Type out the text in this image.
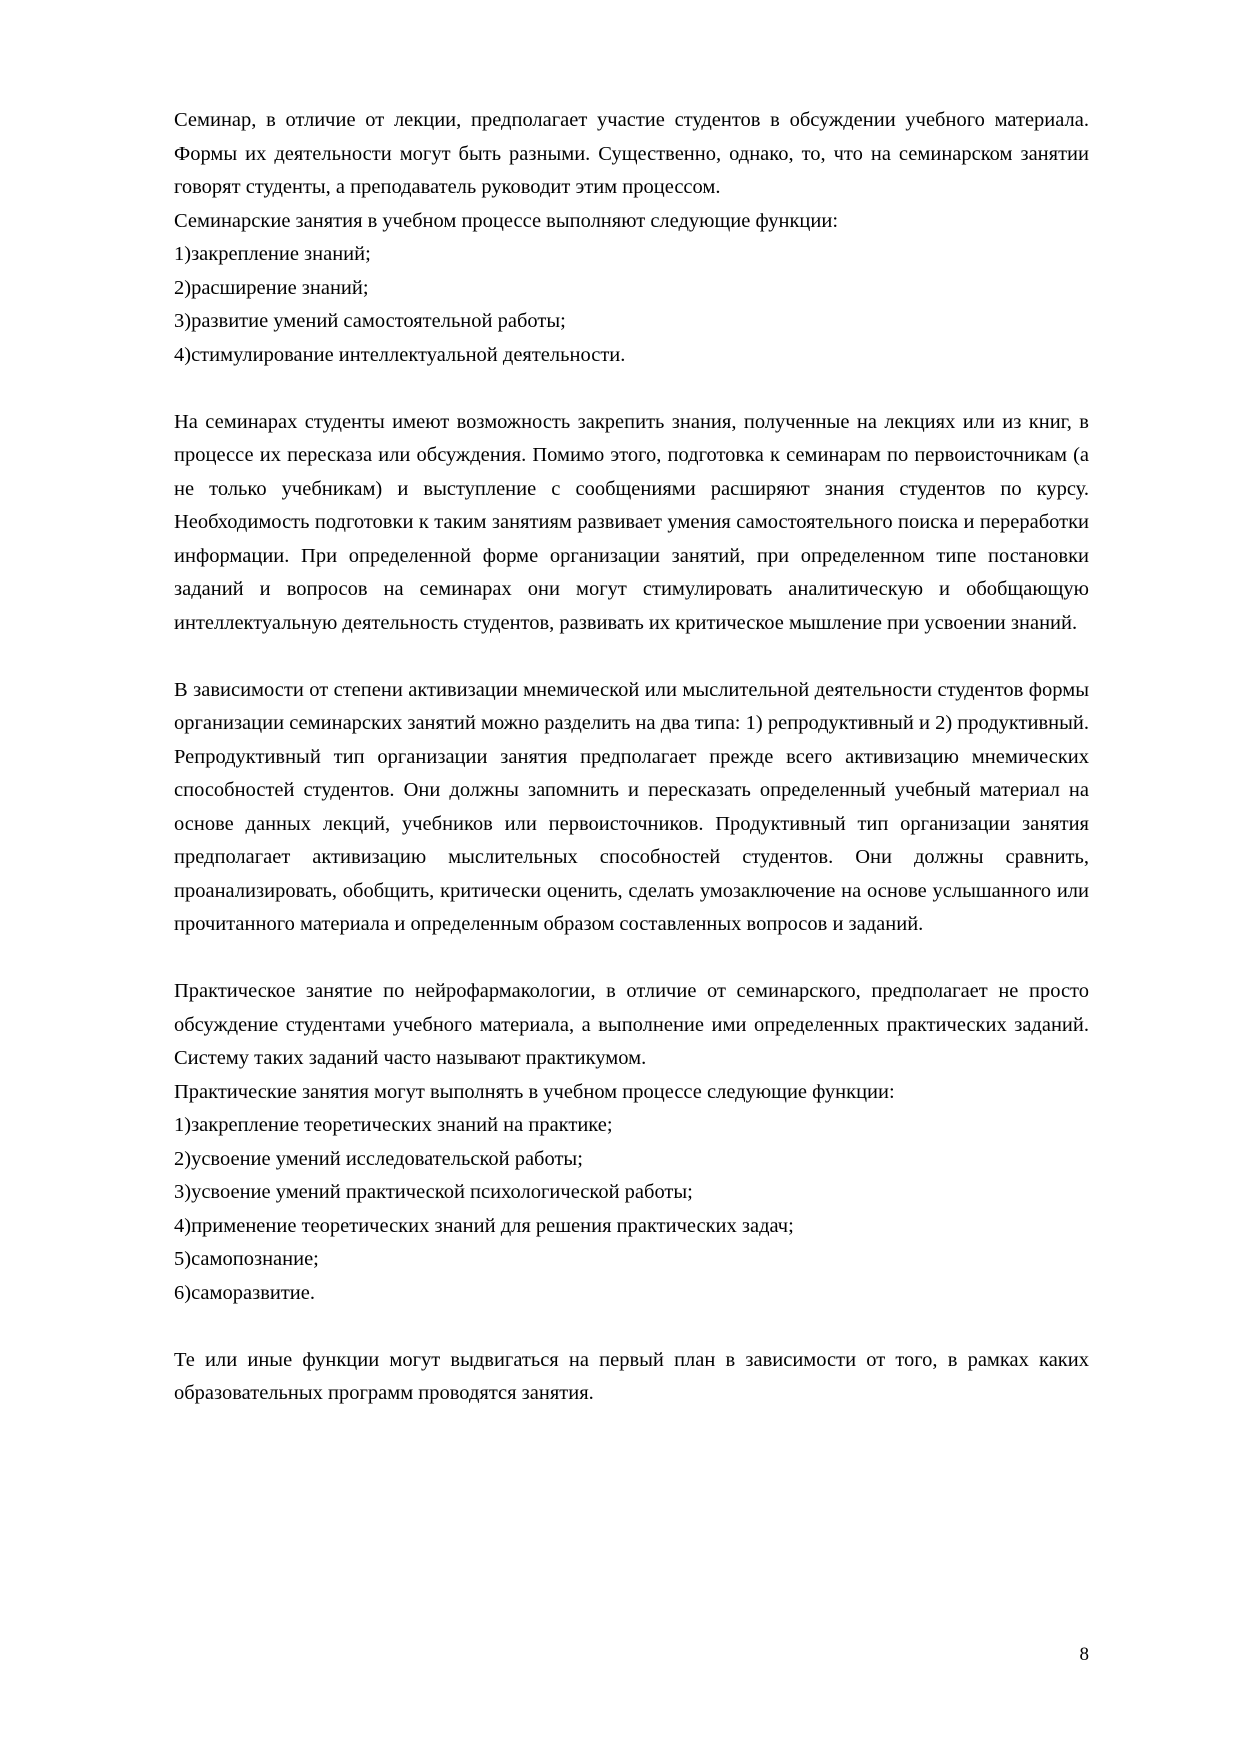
Семинар, в отличие от лекции, предполагает участие студентов в обсуждении учебного материала. Формы их деятельности могут быть разными. Существенно, однако, то, что на семинарском занятии говорят студенты, а преподаватель руководит этим процессом.

Семинарские занятия в учебном процессе выполняют следующие функции:

1)закрепление знаний;

2)расширение знаний;

3)развитие умений самостоятельной работы;

4)стимулирование интеллектуальной деятельности.

На семинарах студенты имеют возможность закрепить знания, полученные на лекциях или из книг, в процессе их пересказа или обсуждения. Помимо этого, подготовка к семинарам по первоисточникам (а не только учебникам) и выступление с сообщениями расширяют знания студентов по курсу. Необходимость подготовки к таким занятиям развивает умения самостоятельного поиска и переработки информации. При определенной форме организации занятий, при определенном типе постановки заданий и вопросов на семинарах они могут стимулировать аналитическую и обобщающую интеллектуальную деятельность студентов, развивать их критическое мышление при усвоении знаний.

В зависимости от степени активизации мнемической или мыслительной деятельности студентов формы организации семинарских занятий можно разделить на два типа: 1) репродуктивный и 2) продуктивный. Репродуктивный тип организации занятия предполагает прежде всего активизацию мнемических способностей студентов. Они должны запомнить и пересказать определенный учебный материал на основе данных лекций, учебников или первоисточников. Продуктивный тип организации занятия предполагает активизацию мыслительных способностей студентов. Они должны сравнить, проанализировать, обобщить, критически оценить, сделать умозаключение на основе услышанного или прочитанного материала и определенным образом составленных вопросов и заданий.

Практическое занятие по нейрофармакологии, в отличие от семинарского, предполагает не просто обсуждение студентами учебного материала, а выполнение ими определенных практических заданий. Систему таких заданий часто называют практикумом.

Практические занятия могут выполнять в учебном процессе следующие функции:

1)закрепление теоретических знаний на практике;

2)усвоение умений исследовательской работы;

3)усвоение умений практической психологической работы;

4)применение теоретических знаний для решения практических задач;

5)самопознание;

6)саморазвитие.

Те или иные функции могут выдвигаться на первый план в зависимости от того, в рамках каких образовательных программ проводятся занятия.

8
